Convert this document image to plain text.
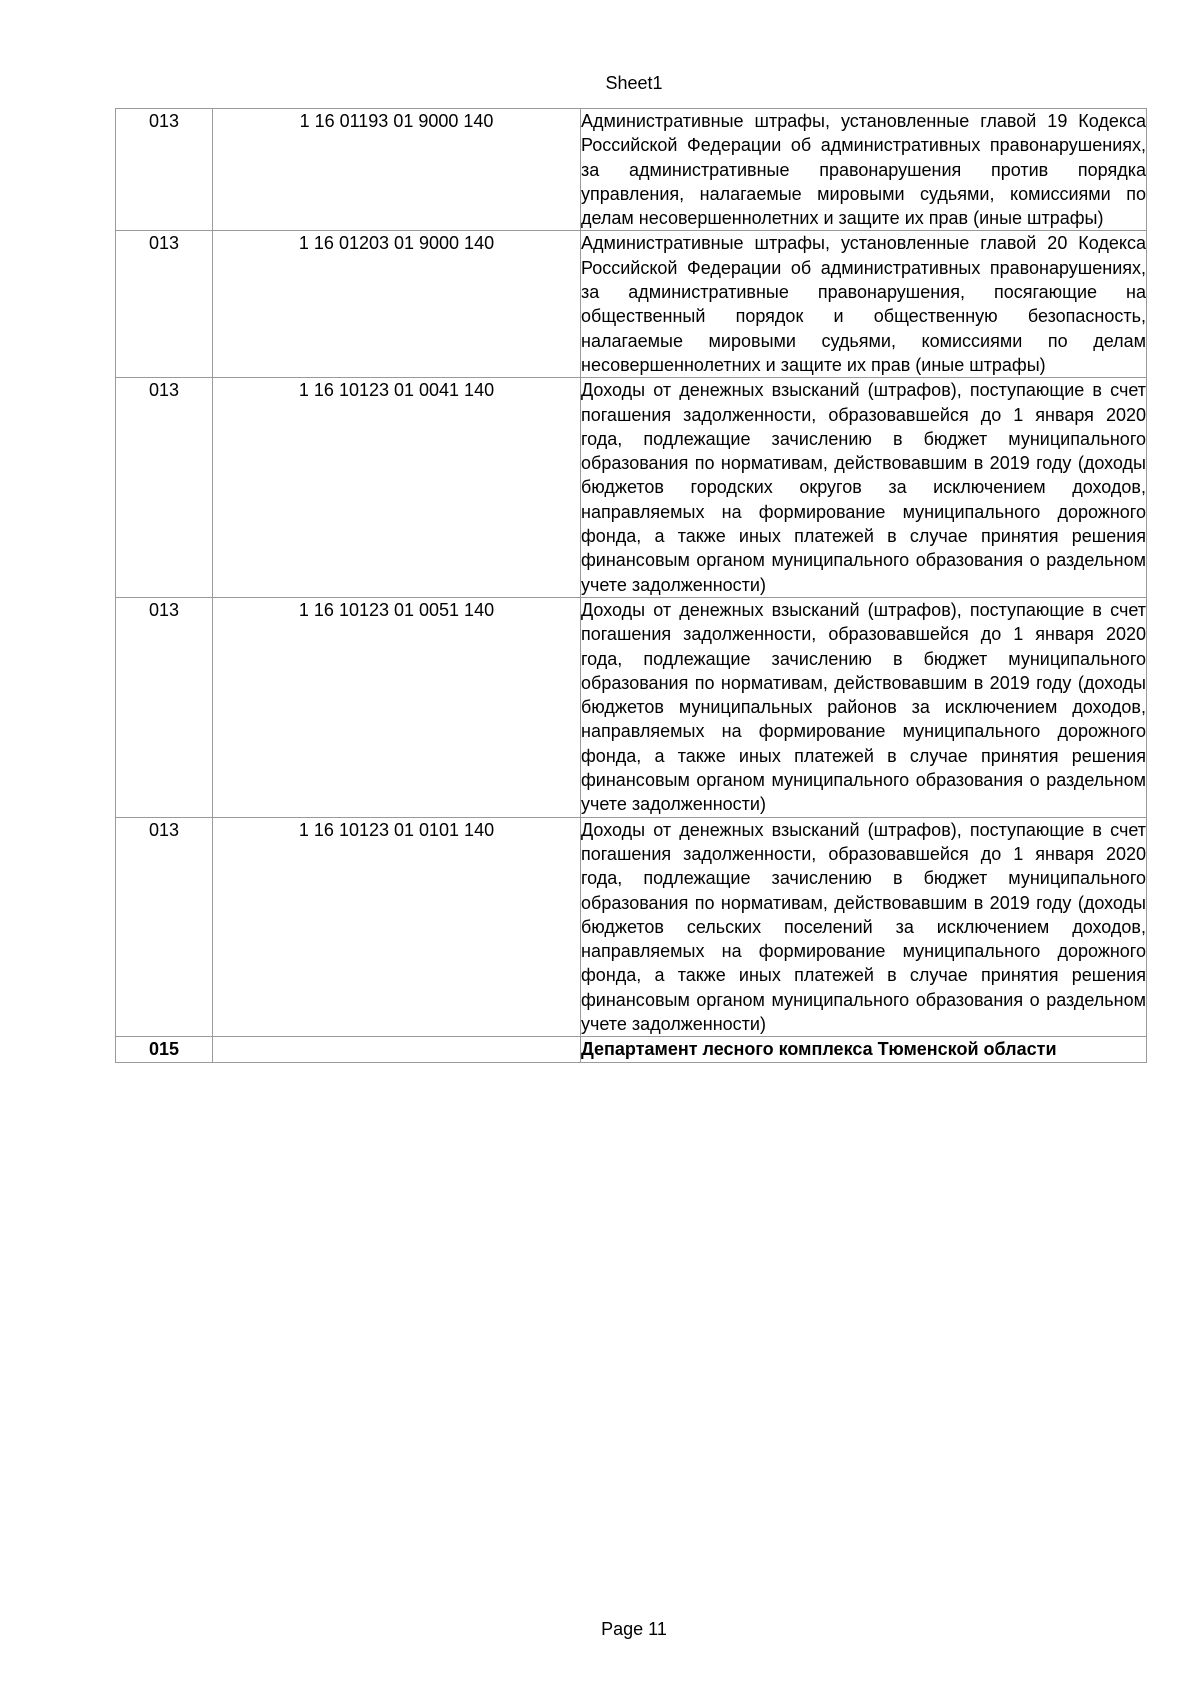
Sheet1
013	1 16 01193 01 9000 140	Административные штрафы, установленные главой 19 Кодекса Российской Федерации об административных правонарушениях, за административные правонарушения против порядка управления, налагаемые мировыми судьями, комиссиями по делам несовершеннолетних и защите их прав (иные штрафы)
013	1 16 01203 01 9000 140	Административные штрафы, установленные главой 20 Кодекса Российской Федерации об административных правонарушениях, за административные правонарушения, посягающие на общественный порядок и общественную безопасность, налагаемые мировыми судьями, комиссиями по делам несовершеннолетних и защите их прав (иные штрафы)
013	1 16 10123 01 0041 140	Доходы от денежных взысканий (штрафов), поступающие в счет погашения задолженности, образовавшейся до 1 января 2020 года, подлежащие зачислению в бюджет муниципального образования по нормативам, действовавшим в 2019 году (доходы бюджетов городских округов за исключением доходов, направляемых на формирование муниципального дорожного фонда, а также иных платежей в случае принятия решения финансовым органом муниципального образования о раздельном учете задолженности)
013	1 16 10123 01 0051 140	Доходы от денежных взысканий (штрафов), поступающие в счет погашения задолженности, образовавшейся до 1 января 2020 года, подлежащие зачислению в бюджет муниципального образования по нормативам, действовавшим в 2019 году (доходы бюджетов муниципальных районов за исключением доходов, направляемых на формирование муниципального дорожного фонда, а также иных платежей в случае принятия решения финансовым органом муниципального образования о раздельном учете задолженности)
013	1 16 10123 01 0101 140	Доходы от денежных взысканий (штрафов), поступающие в счет погашения задолженности, образовавшейся до 1 января 2020 года, подлежащие зачислению в бюджет муниципального образования по нормативам, действовавшим в 2019 году (доходы бюджетов сельских поселений за исключением доходов, направляемых на формирование муниципального дорожного фонда, а также иных платежей в случае принятия решения финансовым органом муниципального образования о раздельном учете задолженности)
015		Департамент лесного комплекса Тюменской области
Page 11
